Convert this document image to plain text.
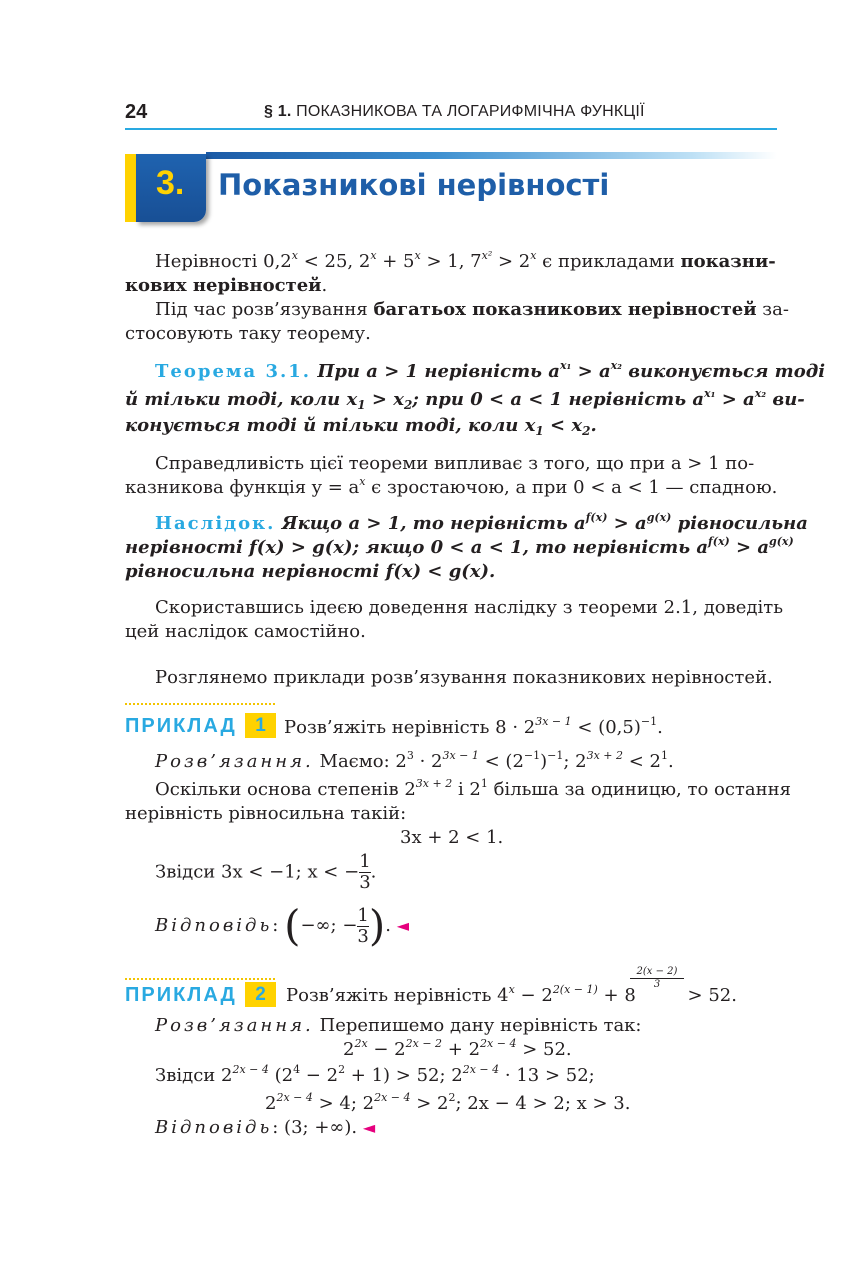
24	§ 1. ПОКАЗНИКОВА ТА ЛОГАРИФМІЧНА ФУНКЦІЇ
3. Показникові нерівності
Нерівності $0,2^x < 25$, $2^x + 5^x > 1$, $7^{x^2} > 2^x$ є прикладами показни-
кових нерівностей.
Під час розв’язування багатьох показникових нерівностей за-
стосовують таку теорему.
Теорема 3.1. При a > 1 нерівність $a^{x_1} > a^{x_2}$ виконується тоді
й тільки тоді, коли $x_1 > x_2$; при 0 < a < 1 нерівність $a^{x_1} > a^{x_2}$ ви-
конується тоді й тільки тоді, коли $x_1 < x_2$.
Справедливість цієї теореми випливає з того, що при a > 1 по-
казникова функція $y = a^x$ є зростаючою, а при 0 < a < 1 — спадною.
Наслідок. Якщо a > 1, то нерівність $a^{f(x)} > a^{g(x)}$ рівносильна
нерівності f(x) > g(x); якщо 0 < a < 1, то нерівність $a^{f(x)} > a^{g(x)}$
рівносильна нерівності f(x) < g(x).
Скориставшись ідеєю доведення наслідку з теореми 2.1, доведіть
цей наслідок самостійно.
Розглянемо приклади розв’язування показникових нерівностей.
ПРИКЛАД 1	Розв’яжіть нерівність $8 \cdot 2^{3x - 1} < (0,5)^{-1}$.
Розв’язання. Маємо: $2^3 \cdot 2^{3x - 1} < (2^{-1})^{-1}$; $2^{3x + 2} < 2^1$.
Оскільки основа степенів $2^{3x + 2}$ і $2^1$ більша за одиницю, то остання
нерівність рівносильна такій:
3x + 2 < 1.
Звідси 3x < −1; x < − $\frac{1}{3}$ .
Відповідь: (−∞; − $\frac{1}{3}$ ). ◄
ПРИКЛАД 2	Розв’яжіть нерівність $4^x - 2^{2(x - 1)} + 8$	> 52.
2(x − 2)
3
Розв’язання. Перепишемо дану нерівність так:
$2^{2x} - 2^{2x - 2} + 2^{2x - 4} > 52$.
Звідси $2^{2x - 4}$ $(2^4 - 2^2 + 1) > 52$; $2^{2x - 4} \cdot 13 > 52$;
$2^{2x - 4} > 4$; $2^{2x - 4} > 2^2$; 2x − 4 > 2; x > 3.
Відповідь: (3; +∞). ◄
